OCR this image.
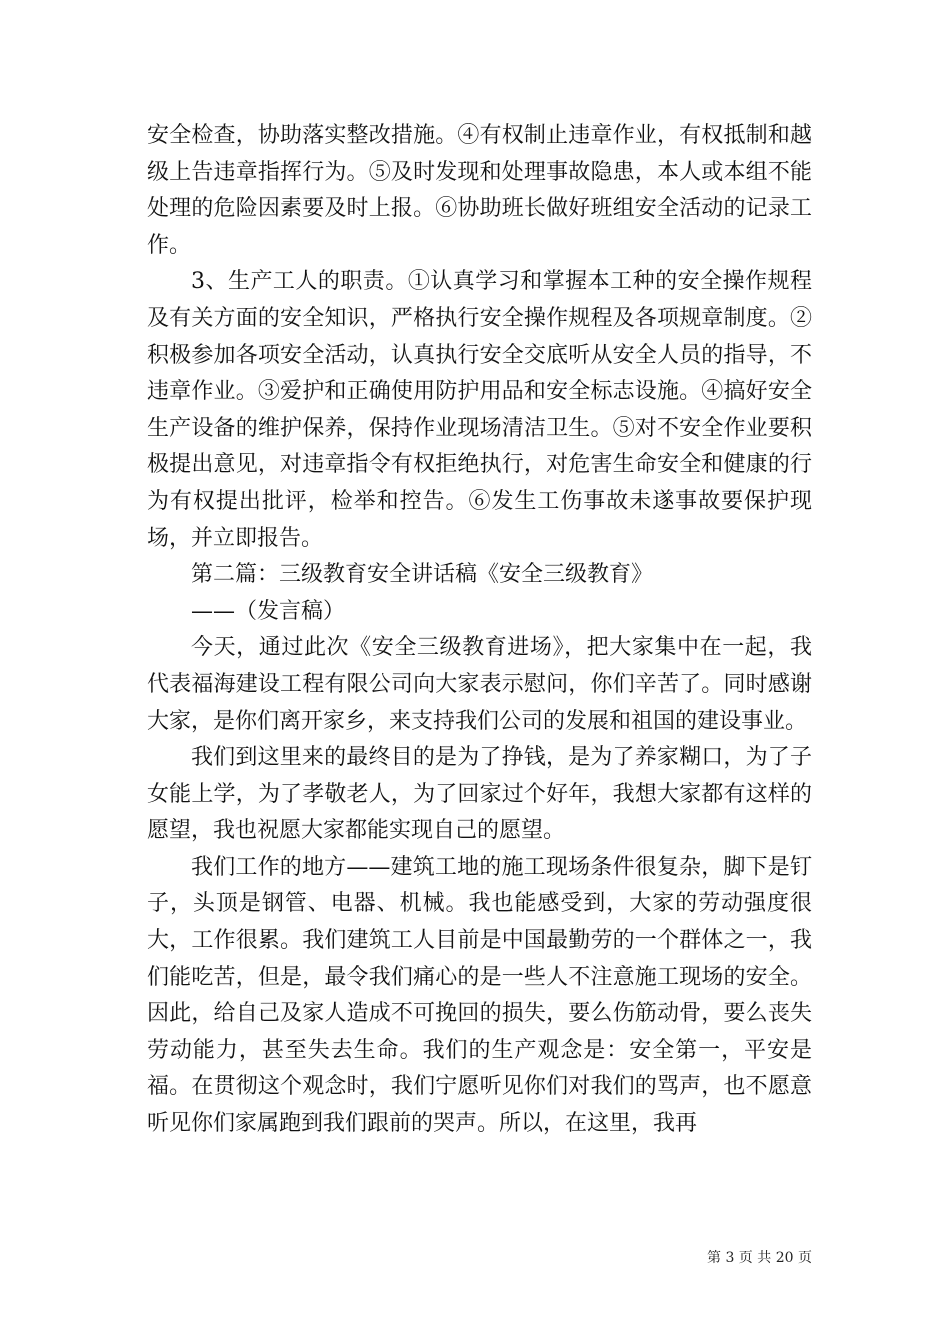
安全检查，协助落实整改措施。④有权制止违章作业，有权抵制和越级上告违章指挥行为。⑤及时发现和处理事故隐患，本人或本组不能处理的危险因素要及时上报。⑥协助班长做好班组安全活动的记录工作。

3、生产工人的职责。①认真学习和掌握本工种的安全操作规程及有关方面的安全知识，严格执行安全操作规程及各项规章制度。②积极参加各项安全活动，认真执行安全交底听从安全人员的指导，不违章作业。③爱护和正确使用防护用品和安全标志设施。④搞好安全生产设备的维护保养，保持作业现场清洁卫生。⑤对不安全作业要积极提出意见，对违章指令有权拒绝执行，对危害生命安全和健康的行为有权提出批评，检举和控告。⑥发生工伤事故未遂事故要保护现场，并立即报告。

第二篇：三级教育安全讲话稿《安全三级教育》

——（发言稿）

今天，通过此次《安全三级教育进场》，把大家集中在一起，我代表福海建设工程有限公司向大家表示慰问，你们辛苦了。同时感谢大家，是你们离开家乡，来支持我们公司的发展和祖国的建设事业。

我们到这里来的最终目的是为了挣钱，是为了养家糊口，为了子女能上学，为了孝敬老人，为了回家过个好年，我想大家都有这样的愿望，我也祝愿大家都能实现自己的愿望。

我们工作的地方——建筑工地的施工现场条件很复杂，脚下是钉子，头顶是钢管、电器、机械。我也能感受到，大家的劳动强度很大，工作很累。我们建筑工人目前是中国最勤劳的一个群体之一，我们能吃苦，但是，最令我们痛心的是一些人不注意施工现场的安全。因此，给自己及家人造成不可挽回的损失，要么伤筋动骨，要么丧失劳动能力，甚至失去生命。我们的生产观念是：安全第一，平安是福。在贯彻这个观念时，我们宁愿听见你们对我们的骂声，也不愿意听见你们家属跑到我们跟前的哭声。所以，在这里，我再

第 3 页 共 20 页
